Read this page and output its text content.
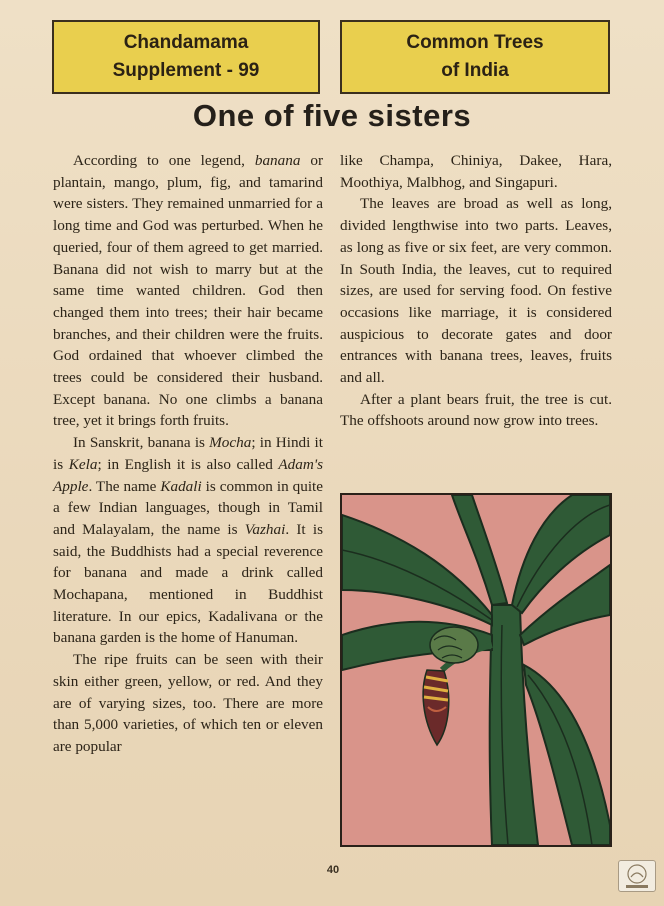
Chandamama
Supplement - 99
Common Trees
of India
One of five sisters

According to one legend, banana or plantain, mango, plum, fig, and tamarind were sisters. They remained unmarried for a long time and God was perturbed. When he queried, four of them agreed to get married. Banana did not wish to marry but at the same time wanted children. God then changed them into trees; their hair became branches, and their children were the fruits. God ordained that whoever climbed the trees could be considered their husband. Except banana. No one climbs a banana tree, yet it brings forth fruits.

In Sanskrit, banana is Mocha; in Hindi it is Kela; in English it is also called Adam's Apple. The name Kadali is common in quite a few Indian languages, though in Tamil and Malayalam, the name is Vazhai. It is said, the Buddhists had a special reverence for banana and made a drink called Mochapana, mentioned in Buddhist literature. In our epics, Kadalivana or the banana garden is the home of Hanuman.

The ripe fruits can be seen with their skin either green, yellow, or red. And they are of varying sizes, too. There are more than 5,000 varieties, of which ten or eleven are popular

like Champa, Chiniya, Dakee, Hara, Moothiya, Malbhog, and Singapuri.

The leaves are broad as well as long, divided lengthwise into two parts. Leaves, as long as five or six feet, are very common. In South India, the leaves, cut to required sizes, are used for serving food. On festive occasions like marriage, it is considered auspicious to decorate gates and door entrances with banana trees, leaves, fruits and all.

After a plant bears fruit, the tree is cut. The offshoots around now grow into trees.

40
